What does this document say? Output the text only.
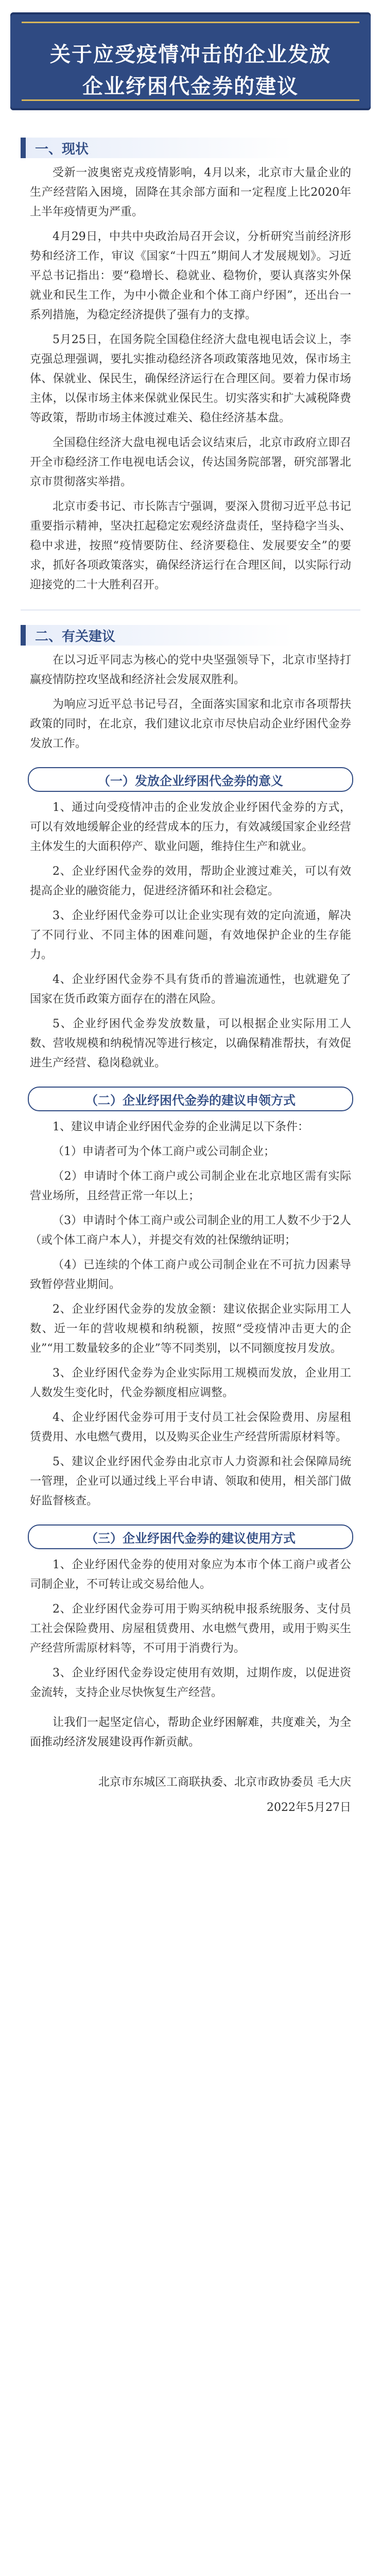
关于应受疫情冲击的企业发放
企业纾困代金券的建议
一、现状
受新一波奥密克戎疫情影响，4月以来，北京市大量企业的生产经营陷入困境，固降在其余部方面和一定程度上比2020年上半年疫情更为严重。
4月29日，中共中央政治局召开会议，分析研究当前经济形势和经济工作，审议《国家“十四五”期间人才发展规划》。习近平总书记指出：要“稳增长、稳就业、稳物价，要认真落实外保就业和民生工作，为中小微企业和个体工商户纾困”，还出台一系列措施，为稳定经济提供了强有力的支撑。
5月25日，在国务院全国稳住经济大盘电视电话会议上，李克强总理强调，要扎实推动稳经济各项政策落地见效，保市场主体、保就业、保民生，确保经济运行在合理区间。要着力保市场主体，以保市场主体来保就业保民生。切实落实和扩大减税降费等政策，帮助市场主体渡过难关、稳住经济基本盘。
全国稳住经济大盘电视电话会议结束后，北京市政府立即召开全市稳经济工作电视电话会议，传达国务院部署，研究部署北京市贯彻落实举措。
北京市委书记、市长陈吉宁强调，要深入贯彻习近平总书记重要指示精神，坚决扛起稳定宏观经济盘责任，坚持稳字当头、稳中求进，按照“疫情要防住、经济要稳住、发展要安全”的要求，抓好各项政策落实，确保经济运行在合理区间，以实际行动迎接党的二十大胜利召开。
二、有关建议
在以习近平同志为核心的党中央坚强领导下，北京市坚持打赢疫情防控攻坚战和经济社会发展双胜利。
为响应习近平总书记号召，全面落实国家和北京市各项帮扶政策的同时，在北京，我们建议北京市尽快启动企业纾困代金券发放工作。
（一）发放企业纾困代金券的意义
1、通过向受疫情冲击的企业发放企业纾困代金券的方式，可以有效地缓解企业的经营成本的压力，有效减缓国家企业经营主体发生的大面积停产、歇业问题，维持住生产和就业。
2、企业纾困代金券的效用，帮助企业渡过难关，可以有效提高企业的融资能力，促进经济循环和社会稳定。
3、企业纾困代金券可以让企业实现有效的定向流通，解决了不同行业、不同主体的困难问题，有效地保护企业的生存能力。
4、企业纾困代金券不具有货币的普遍流通性，也就避免了国家在货币政策方面存在的潜在风险。
5、企业纾困代金券发放数量，可以根据企业实际用工人数、营收规模和纳税情况等进行核定，以确保精准帮扶，有效促进生产经营、稳岗稳就业。
（二）企业纾困代金券的建议申领方式
1、建议申请企业纾困代金券的企业满足以下条件：
（1）申请者可为个体工商户或公司制企业；
（2）申请时个体工商户或公司制企业在北京地区需有实际营业场所，且经营正常一年以上；
（3）申请时个体工商户或公司制企业的用工人数不少于2人（或个体工商户本人），并提交有效的社保缴纳证明；
（4）已连续的个体工商户或公司制企业在不可抗力因素导致暂停营业期间。
2、企业纾困代金券的发放金额：建议依据企业实际用工人数、近一年的营收规模和纳税额，按照“受疫情冲击更大的企业”“用工数量较多的企业”等不同类别，以不同额度按月发放。
3、企业纾困代金券为企业实际用工规模而发放，企业用工人数发生变化时，代金券额度相应调整。
4、企业纾困代金券可用于支付员工社会保险费用、房屋租赁费用、水电燃气费用，以及购买企业生产经营所需原材料等。
5、建议企业纾困代金券由北京市人力资源和社会保障局统一管理，企业可以通过线上平台申请、领取和使用，相关部门做好监督核查。
（三）企业纾困代金券的建议使用方式
1、企业纾困代金券的使用对象应为本市个体工商户或者公司制企业，不可转让或交易给他人。
2、企业纾困代金券可用于购买纳税申报系统服务、支付员工社会保险费用、房屋租赁费用、水电燃气费用，或用于购买生产经营所需原材料等，不可用于消费行为。
3、企业纾困代金券设定使用有效期，过期作废，以促进资金流转，支持企业尽快恢复生产经营。
让我们一起坚定信心，帮助企业纾困解难，共度难关，为全面推动经济发展建设再作新贡献。
北京市东城区工商联执委、北京市政协委员 毛大庆
2022年5月27日
